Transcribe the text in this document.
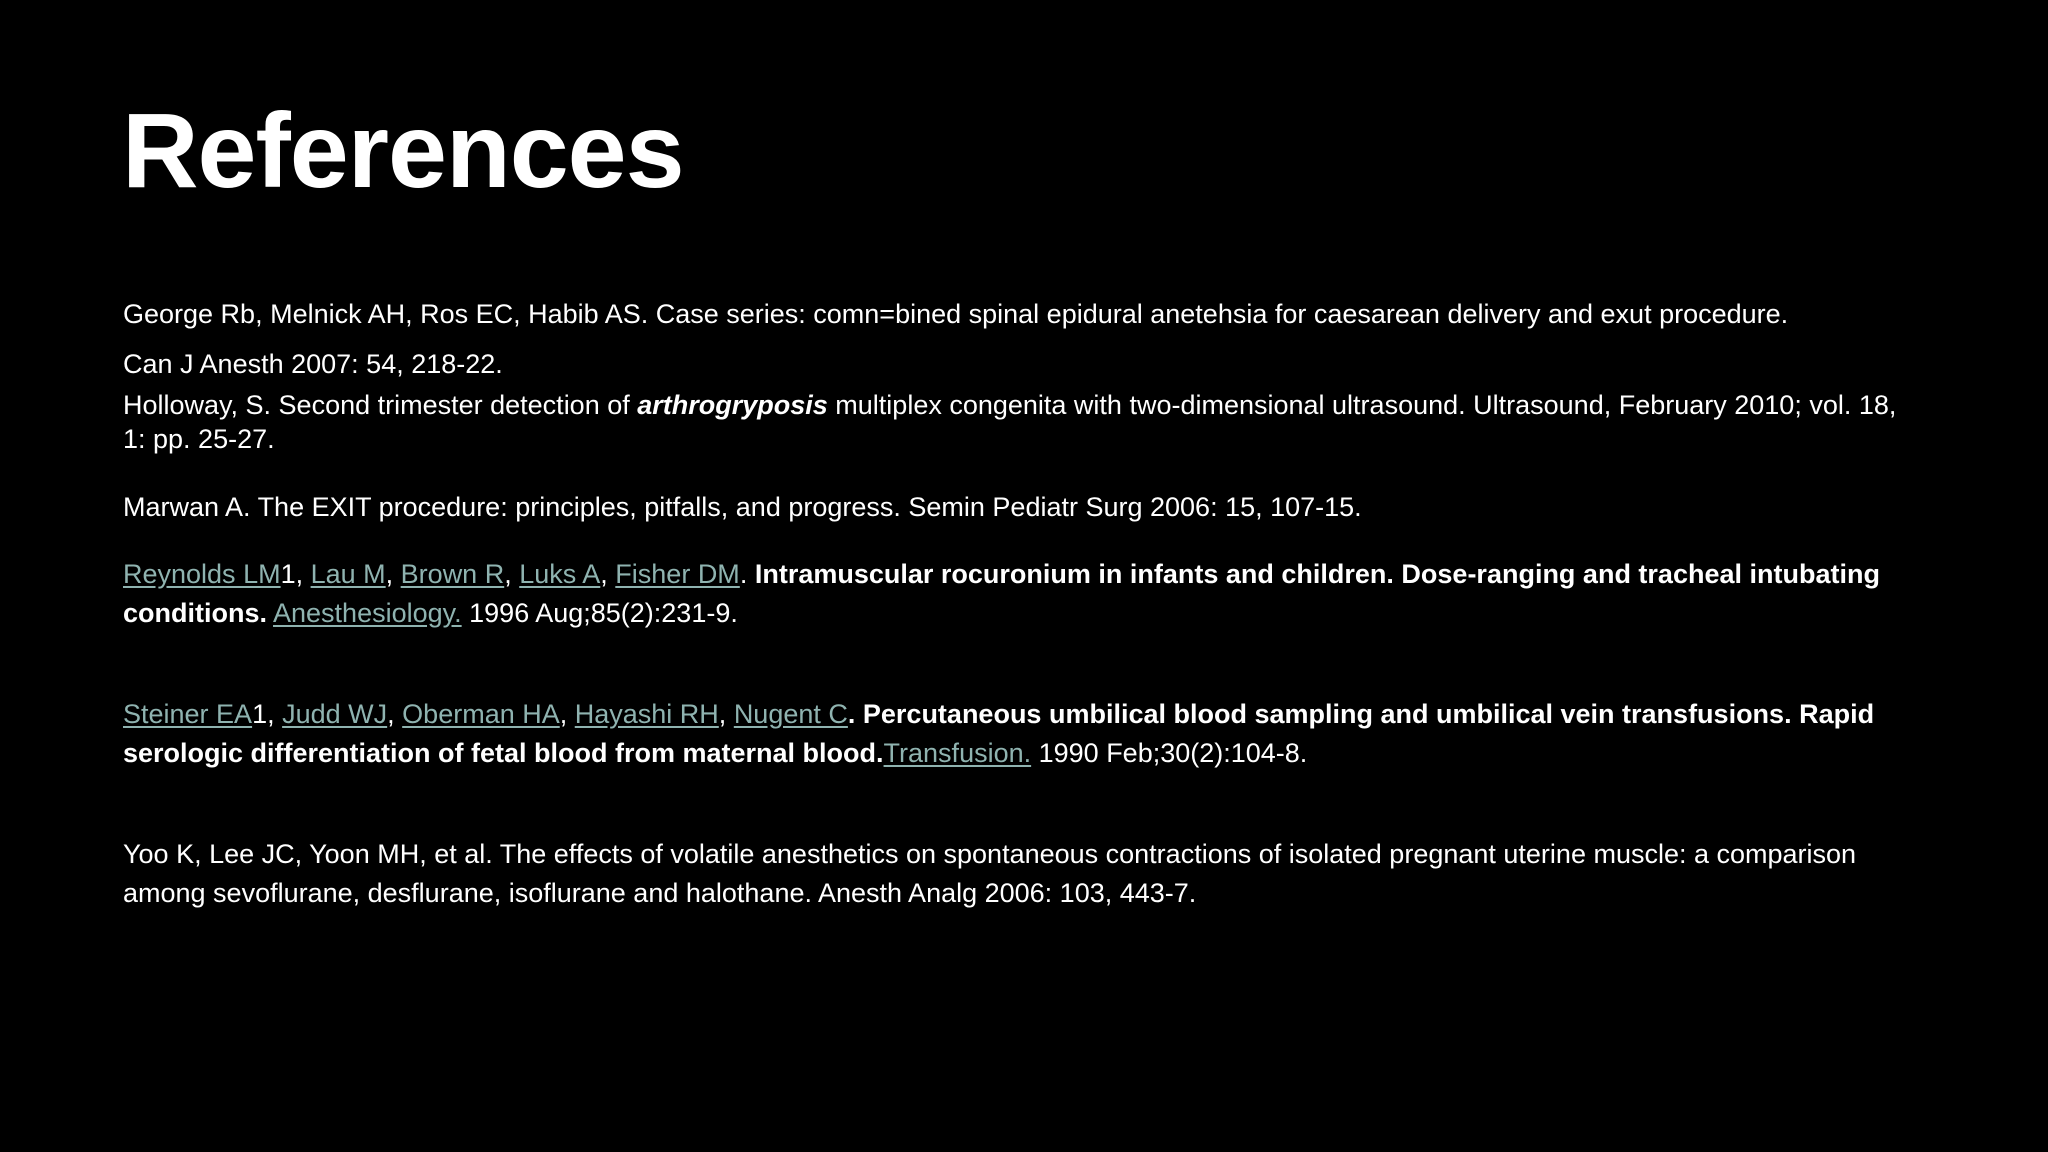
References

George Rb, Melnick AH, Ros EC, Habib AS. Case series: comn=bined spinal epidural anetehsia for caesarean delivery and exut procedure.

Can J Anesth 2007: 54, 218-22.

Holloway, S. Second trimester detection of arthrogryposis multiplex congenita with two-dimensional ultrasound. Ultrasound, February 2010; vol. 18, 1: pp. 25-27.

Marwan A. The EXIT procedure: principles, pitfalls, and progress. Semin Pediatr Surg 2006: 15, 107-15.

Reynolds LM1, Lau M, Brown R, Luks A, Fisher DM. Intramuscular rocuronium in infants and children. Dose-ranging and tracheal intubating conditions. Anesthesiology. 1996 Aug;85(2):231-9.

Steiner EA1, Judd WJ, Oberman HA, Hayashi RH, Nugent C. Percutaneous umbilical blood sampling and umbilical vein transfusions. Rapid serologic differentiation of fetal blood from maternal blood.Transfusion. 1990 Feb;30(2):104-8.

Yoo K, Lee JC, Yoon MH, et al. The effects of volatile anesthetics on spontaneous contractions of isolated pregnant uterine muscle: a comparison among sevoflurane, desflurane, isoflurane and halothane. Anesth Analg 2006: 103, 443-7.
